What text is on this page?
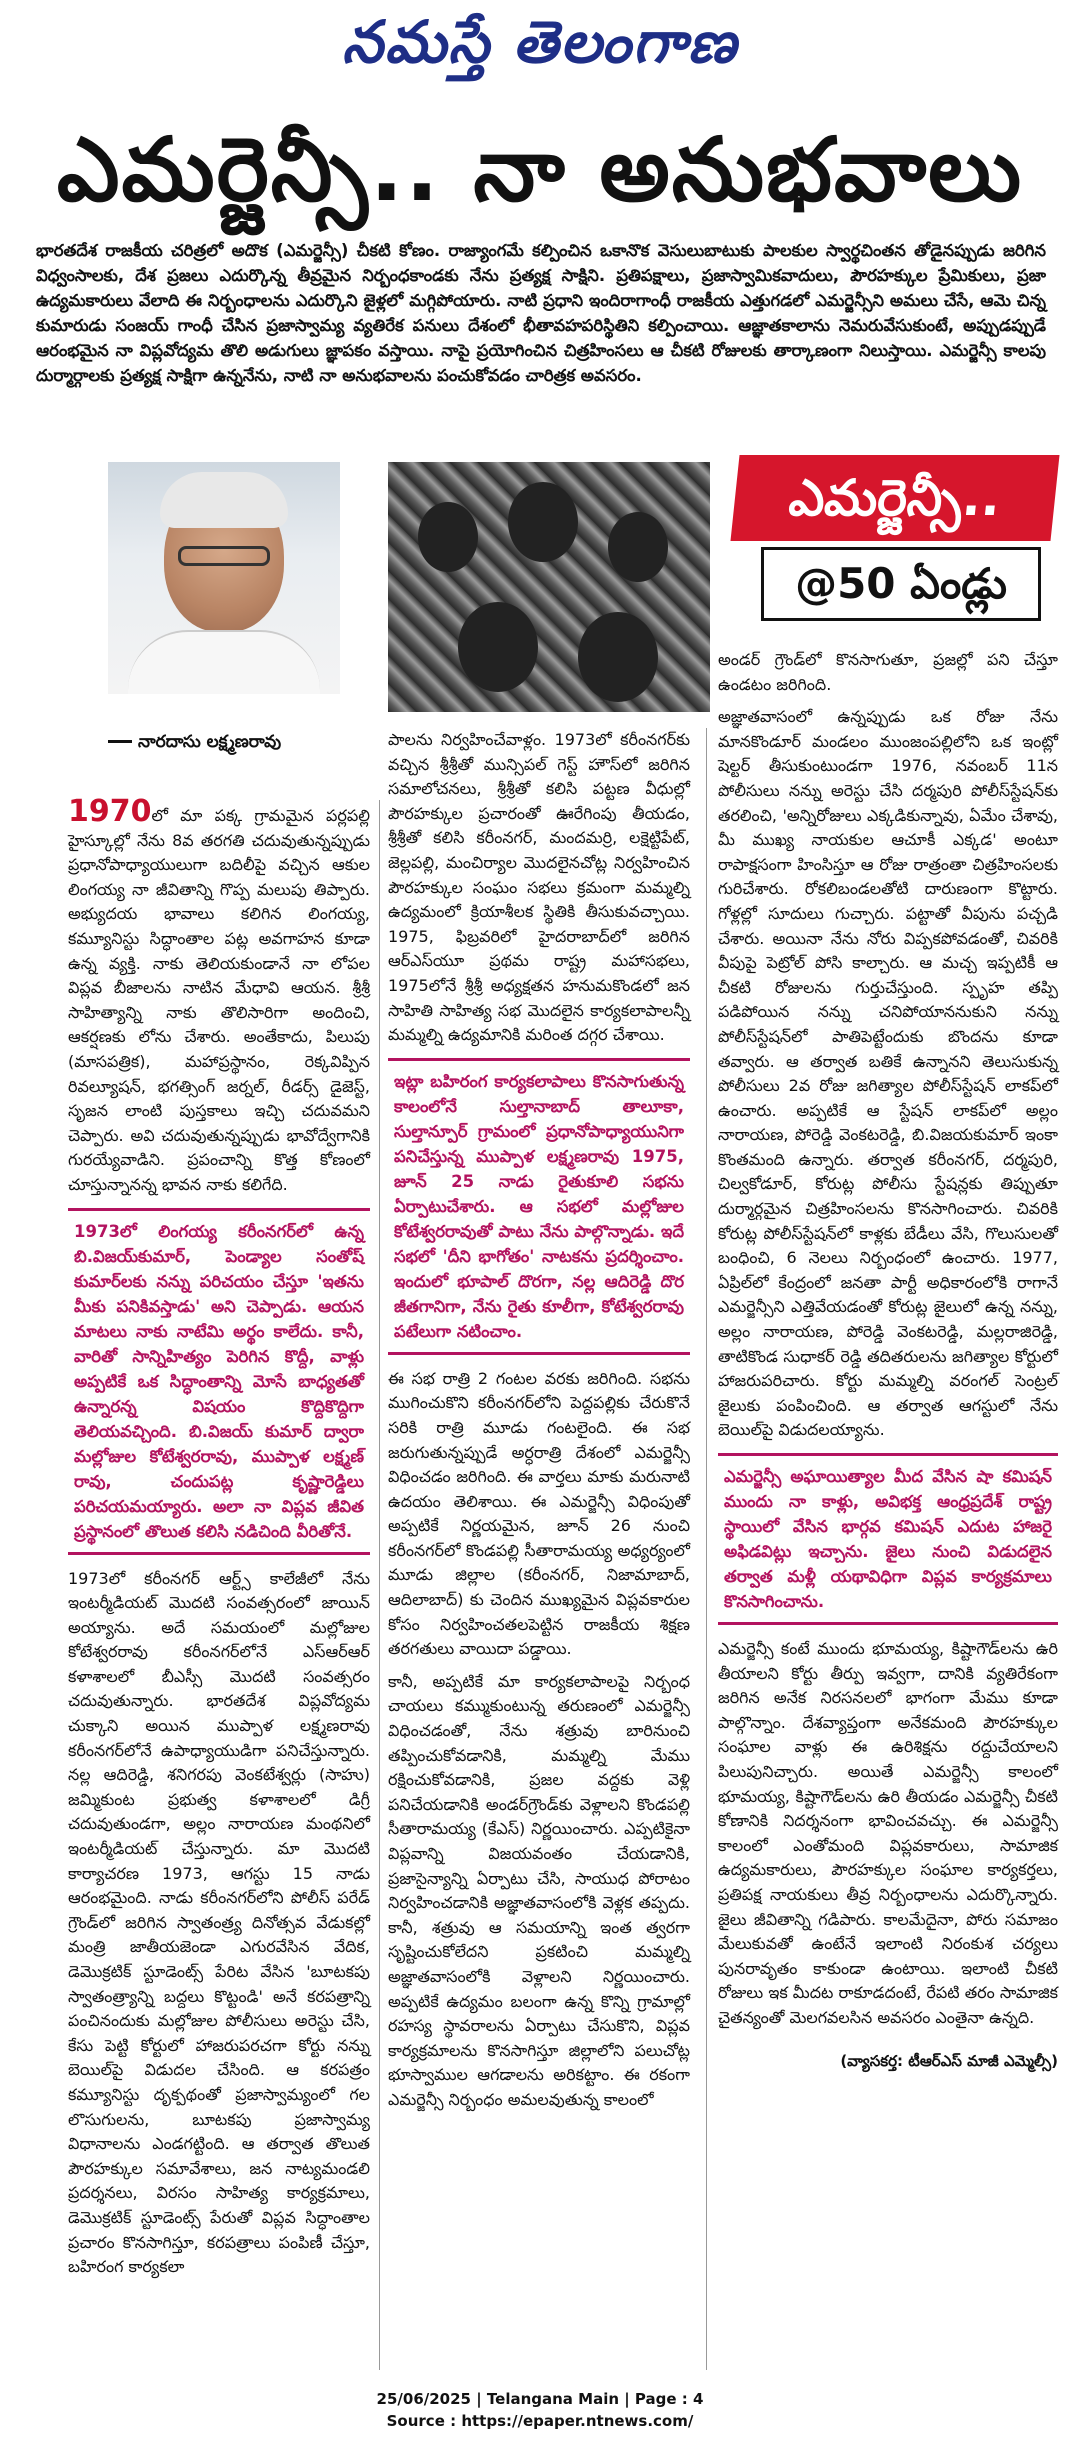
నమస్తే తెలంగాణ
ఎమర్జెన్సీ.. నా అనుభవాలు

భారతదేశ రాజకీయ చరిత్రలో అదొక (ఎమర్జెన్సీ) చీకటి కోణం. రాజ్యాంగమే కల్పించిన ఒకానొక వెసులుబాటుకు పాలకుల స్వార్థచింతన తోడైనప్పుడు జరిగిన విధ్వంసాలకు, దేశ ప్రజలు ఎదుర్కొన్న తీవ్రమైన నిర్బంధకాండకు నేను ప్రత్యక్ష సాక్షిని. ప్రతిపక్షాలు, ప్రజాస్వామికవాదులు, పౌరహక్కుల ప్రేమికులు, ప్రజా ఉద్యమకారులు వేలాది ఈ నిర్బంధాలను ఎదుర్కొని జైళ్లలో మగ్గిపోయారు. నాటి ప్రధాని ఇందిరాగాంధీ రాజకీయ ఎత్తుగడలో ఎమర్జెన్సీని అమలు చేసే, ఆమె చిన్న కుమారుడు సంజయ్ గాంధీ చేసిన ప్రజాస్వామ్య వ్యతిరేక పనులు దేశంలో భీతావహపరిస్థితిని కల్పించాయి. ఆజ్ఞాతకాలాను నెమరువేసుకుంటే, అప్పుడప్పుడే ఆరంభమైన నా విప్లవోద్యమ తొలి అడుగులు జ్ఞాపకం వస్తాయి. నాపై ప్రయోగించిన చిత్రహింసలు ఆ చీకటి రోజులకు తార్కాణంగా నిలుస్తాయి. ఎమర్జెన్సీ కాలపు దుర్మార్గాలకు ప్రత్యక్ష సాక్షిగా ఉన్ననేను, నాటి నా అనుభవాలను పంచుకోవడం చారిత్రక అవసరం.

నారదాసు లక్ష్మణరావు
ఎమర్జెన్సీ..
@50 ఏండ్లు

1970లో మా పక్క గ్రామమైన పర్లపల్లి హైస్కూల్లో నేను 8వ తరగతి చదువుతున్నప్పుడు ప్రధానోపాధ్యాయులుగా బదిలీపై వచ్చిన ఆకుల లింగయ్య నా జీవితాన్ని గొప్ప మలుపు తిప్పారు. అభ్యుదయ భావాలు కలిగిన లింగయ్య, కమ్యూనిస్టు సిద్ధాంతాల పట్ల అవగాహన కూడా ఉన్న వ్యక్తి. నాకు తెలియకుండానే నా లోపల విప్లవ బీజాలను నాటిన మేధావి ఆయన. శ్రీశ్రీ సాహిత్యాన్ని నాకు తొలిసారిగా అందించి, ఆకర్షణకు లోను చేశారు. అంతేకాదు, పిలుపు (మాసపత్రిక), మహాప్రస్థానం, రెక్కవిప్పిన రివల్యూషన్, భగత్సింగ్ జర్నల్, రీడర్స్ డైజెస్ట్, సృజన లాంటి పుస్తకాలు ఇచ్చి చదువమని చెప్పారు. అవి చదువుతున్నప్పుడు భావోద్వేగానికి గురయ్యేవాడిని. ప్రపంచాన్ని కొత్త కోణంలో చూస్తున్నానన్న భావన నాకు కలిగేది.

1973లో లింగయ్య కరీంనగర్‌లో ఉన్న బి.విజయ్‌కుమార్, పెండ్యాల సంతోష్ కుమార్‌లకు నన్ను పరిచయం చేస్తూ 'ఇతను మీకు పనికివస్తాడు' అని చెప్పాడు. ఆయన మాటలు నాకు నాటేమి అర్థం కాలేదు. కానీ, వారితో సాన్నిహిత్యం పెరిగిన కొద్దీ, వాళ్లు అప్పటికే ఒక సిద్ధాంతాన్ని మోసే బాధ్యతతో ఉన్నారన్న విషయం కొద్దికొద్దిగా తెలియవచ్చింది. బి.విజయ్ కుమార్ ద్వారా మల్లోజుల కోటేశ్వరరావు, ముప్పాళ లక్ష్మణ్ రావు, చందుపట్ల కృష్ణారెడ్డిలు పరిచయమయ్యారు. అలా నా విప్లవ జీవిత ప్రస్థానంలో తొలుత కలిసి నడిచింది వీరితోనే.

1973లో కరీంనగర్ ఆర్ట్స్ కాలేజీలో నేను ఇంటర్మీడియట్ మొదటి సంవత్సరంలో జాయిన్ అయ్యాను. అదే సమయంలో మల్లోజుల కోటేశ్వరరావు కరీంనగర్‌లోనే ఎస్ఆర్ఆర్ కళాశాలలో బీఎస్సీ మొదటి సంవత్సరం చదువుతున్నారు. భారతదేశ విప్లవోద్యమ చుక్కాని అయిన ముప్పాళ లక్ష్మణరావు కరీంనగర్‌లోనే ఉపాధ్యాయుడిగా పనిచేస్తున్నారు. నల్ల ఆదిరెడ్డి, శనిగరపు వెంకటేశ్వర్లు (సాహు) జమ్మికుంట ప్రభుత్వ కళాశాలలో డిగ్రీ చదువుతుండగా, అల్లం నారాయణ మంథనిలో ఇంటర్మీడియట్ చేస్తున్నారు. మా మొదటి కార్యాచరణ 1973, ఆగస్టు 15 నాడు ఆరంభమైంది. నాడు కరీంనగర్‌లోని పోలీస్ పరేడ్ గ్రౌండ్‌లో జరిగిన స్వాతంత్ర్య దినోత్సవ వేడుకల్లో మంత్రి జాతీయజెండా ఎగురవేసిన వేదిక, డెమొక్రటిక్ స్టూడెంట్స్ పేరిట వేసిన 'బూటకపు స్వాతంత్ర్యాన్ని బద్దలు కొట్టండి' అనే కరపత్రాన్ని పంచినందుకు మల్లోజుల పోలీసులు అరెస్టు చేసి, కేసు పెట్టి కోర్టులో హాజరుపరచగా కోర్టు నన్ను బెయిల్‌పై విడుదల చేసింది. ఆ కరపత్రం కమ్యూనిస్టు దృక్పథంతో ప్రజాస్వామ్యంలో గల లొసుగులను, బూటకపు ప్రజాస్వామ్య విధానాలను ఎండగట్టింది. ఆ తర్వాత తొలుత పౌరహక్కుల సమావేశాలు, జన నాట్యమండలి ప్రదర్శనలు, విరసం సాహిత్య కార్యక్రమాలు, డెమొక్రటిక్ స్టూడెంట్స్ పేరుతో విప్లవ సిద్ధాంతాల ప్రచారం కొనసాగిస్తూ, కరపత్రాలు పంపిణీ చేస్తూ, బహిరంగ కార్యకలా

పాలను నిర్వహించేవాళ్లం. 1973లో కరీంనగర్‌కు వచ్చిన శ్రీశ్రీతో మున్సిపల్ గెస్ట్ హౌస్‌లో జరిగిన సమాలోచనలు, శ్రీశ్రీతో కలిసి పట్టణ వీధుల్లో పౌరహక్కుల ప్రచారంతో ఊరేగింపు తీయడం, శ్రీశ్రీతో కలిసి కరీంనగర్, మందమర్రి, లక్షెట్టిపేట్, జెల్లపల్లి, మంచిర్యాల మొదలైనచోట్ల నిర్వహించిన పౌరహక్కుల సంఘం సభలు క్రమంగా మమ్మల్ని ఉద్యమంలో క్రియాశీలక స్థితికి తీసుకువచ్చాయి. 1975, ఫిబ్రవరిలో హైదరాబాద్‌లో జరిగిన ఆర్ఎస్‌యూ ప్రథమ రాష్ట్ర మహాసభలు, 1975లోనే శ్రీశ్రీ అధ్యక్షతన హనుమకొండలో జన సాహితి సాహిత్య సభ మొదలైన కార్యకలాపాలన్నీ మమ్మల్ని ఉద్యమానికి మరింత దగ్గర చేశాయి.

ఇట్లా బహిరంగ కార్యకలాపాలు కొనసాగుతున్న కాలంలోనే సుల్తానాబాద్ తాలూకా, సుల్తాన్పూర్ గ్రామంలో ప్రధానోపాధ్యాయునిగా పనిచేస్తున్న ముప్పాళ లక్ష్మణరావు 1975, జూన్ 25 నాడు రైతుకూలి సభను ఏర్పాటుచేశారు. ఆ సభలో మల్లోజుల కోటేశ్వరరావుతో పాటు నేను పాల్గొన్నాడు. ఇదే సభలో 'దీని భాగోతం' నాటకను ప్రదర్శించాం. ఇందులో భూపాల్ దొరగా, నల్ల ఆదిరెడ్డి దొర జీతగానిగా, నేను రైతు కూలీగా, కోటేశ్వరరావు పటేలుగా నటించాం.

ఈ సభ రాత్రి 2 గంటల వరకు జరిగింది. సభను ముగించుకొని కరీంనగర్‌లోని పెద్దపల్లికు చేరుకొనే సరికి రాత్రి మూడు గంటలైంది. ఈ సభ జరుగుతున్నప్పుడే అర్ధరాత్రి దేశంలో ఎమర్జెన్సీ విధించడం జరిగింది. ఈ వార్తలు మాకు మరునాటి ఉదయం తెలిశాయి. ఈ ఎమర్జెన్సీ విధింపుతో అప్పటికే నిర్ణయమైన, జూన్ 26 నుంచి కరీంనగర్‌లో కొండపల్లి సీతారామయ్య అధ్యర్యంలో మూడు జిల్లాల (కరీంనగర్, నిజామాబాద్, ఆదిలాబాద్) కు చెందిన ముఖ్యమైన విప్లవకారుల కోసం నిర్వహించతలపెట్టిన రాజకీయ శిక్షణ తరగతులు వాయిదా పడ్డాయి.

కానీ, అప్పటికే మా కార్యకలాపాలపై నిర్బంధ చాయలు కమ్ముకుంటున్న తరుణంలో ఎమర్జెన్సీ విధించడంతో, నేను శత్రువు బారినుంచి తప్పించుకోవడానికి, మమ్మల్ని మేము రక్షించుకోవడానికి, ప్రజల వద్దకు వెళ్లి పనిచేయడానికి అండర్‌గ్రౌండ్‌కు వెళ్లాలని కొండపల్లి సీతారామయ్య (కేఎస్) నిర్ణయించారు. ఎప్పటికైనా విప్లవాన్ని విజయవంతం చేయడానికి, ప్రజాసైన్యాన్ని ఏర్పాటు చేసి, సాయుధ పోరాటం నిర్వహించడానికి అజ్ఞాతవాసంలోకి వెళ్లక తప్పదు. కానీ, శత్రువు ఆ సమయాన్ని ఇంత త్వరగా సృష్టించుకోలేదని ప్రకటించి మమ్మల్ని అజ్ఞాతవాసంలోకి వెళ్లాలని నిర్ణయించారు. అప్పటికే ఉద్యమం బలంగా ఉన్న కొన్ని గ్రామాల్లో రహస్య స్థావరాలను ఏర్పాటు చేసుకొని, విప్లవ కార్యక్రమాలను కొనసాగిస్తూ జిల్లాలోని పలుచోట్ల భూస్వాముల ఆగడాలను అరికట్టాం. ఈ రకంగా ఎమర్జెన్సీ నిర్బంధం అమలవుతున్న కాలంలో

అండర్ గ్రౌండ్‌లో కొనసాగుతూ, ప్రజల్లో పని చేస్తూ ఉండటం జరిగింది.

అజ్ఞాతవాసంలో ఉన్నప్పుడు ఒక రోజు నేను మానకొండూర్ మండలం ముంజంపల్లిలోని ఒక ఇంట్లో షెల్టర్ తీసుకుంటుండగా 1976, నవంబర్ 11న పోలీసులు నన్ను అరెస్టు చేసి దర్మపురి పోలీస్‌స్టేషన్‌కు తరలించి, 'అన్నిరోజులు ఎక్కడికున్నావు, ఏమేం చేశావు, మీ ముఖ్య నాయకుల ఆచూకీ ఎక్కడ' అంటూ రాపాక్షసంగా హింసిస్తూ ఆ రోజు రాత్రంతా చిత్రహింసలకు గురిచేశారు. రోకలిబండలతోటి దారుణంగా కొట్టారు. గోళ్లల్లో సూదులు గుచ్చారు. పట్టాతో వీపును పచ్చడి చేశారు. అయినా నేను నోరు విప్పకపోవడంతో, చివరికి వీపుపై పెట్రోల్ పోసి కాల్చారు. ఆ మచ్చ ఇప్పటికీ ఆ చీకటి రోజులను గుర్తుచేస్తుంది. స్పృహ తప్పి పడిపోయిన నన్ను చనిపోయాననుకుని నన్ను పోలీస్‌స్టేషన్‌లో పాతిపెట్టేందుకు బొందను కూడా తవ్వారు. ఆ తర్వాత బతికే ఉన్నానని తెలుసుకున్న పోలీసులు 2వ రోజు జగిత్యాల పోలీస్‌స్టేషన్ లాకప్‌లో ఉంచారు. అప్పటికే ఆ స్టేషన్ లాకప్‌లో అల్లం నారాయణ, పోరెడ్డి వెంకటరెడ్డి, బి.విజయకుమార్ ఇంకా కొంతమంది ఉన్నారు. తర్వాత కరీంనగర్, దర్మపురి, చిల్వకోడూర్, కోరుట్ల పోలీసు స్టేషన్లకు తిప్పుతూ దుర్మార్గమైన చిత్రహింసలను కొనసాగించారు. చివరికి కోరుట్ల పోలీస్‌స్టేషన్‌లో కాళ్లకు బేడీలు వేసి, గొలుసులతో బంధించి, 6 నెలలు నిర్బంధంలో ఉంచారు. 1977, ఏప్రిల్‌లో కేంద్రంలో జనతా పార్టీ అధికారంలోకి రాగానే ఎమర్జెన్సీని ఎత్తివేయడంతో కోరుట్ల జైలులో ఉన్న నన్ను, అల్లం నారాయణ, పోరెడ్డి వెంకటరెడ్డి, మల్లరాజిరెడ్డి, తాటికొండ సుధాకర్ రెడ్డి తదితరులను జగిత్యాల కోర్టులో హాజరుపరిచారు. కోర్టు మమ్మల్ని వరంగల్ సెంట్రల్ జైలుకు పంపించింది. ఆ తర్వాత ఆగస్టులో నేను బెయిల్‌పై విడుదలయ్యాను.

ఎమర్జెన్సీ అఘాయిత్యాల మీద వేసిన షా కమిషన్ ముందు నా కాళ్లు, అవిభక్త ఆంధ్రప్రదేశ్ రాష్ట్ర స్థాయిలో వేసిన భార్గవ కమిషన్ ఎదుట హాజరై అఫిడవిట్లు ఇచ్చాను. జైలు నుంచి విడుదలైన తర్వాత మళ్లీ యథావిధిగా విప్లవ కార్యక్రమాలు కొనసాగించాను.

ఎమర్జెన్సీ కంటే ముందు భూమయ్య, కిష్టాగౌడ్‌లను ఉరి తీయాలని కోర్టు తీర్పు ఇవ్వగా, దానికి వ్యతిరేకంగా జరిగిన అనేక నిరసనలలో భాగంగా మేము కూడా పాల్గొన్నాం. దేశవ్యాప్తంగా అనేకమంది పౌరహక్కుల సంఘాల వాళ్లు ఈ ఉరిశిక్షను రద్దుచేయాలని పిలుపునిచ్చారు. అయితే ఎమర్జెన్సీ కాలంలో భూమయ్య, కిష్టాగౌడ్‌లను ఉరి తీయడం ఎమర్జెన్సీ చీకటి కోణానికి నిదర్శనంగా భావించవచ్చు. ఈ ఎమర్జెన్సీ కాలంలో ఎంతోమంది విప్లవకారులు, సామాజిక ఉద్యమకారులు, పౌరహక్కుల సంఘాల కార్యకర్తలు, ప్రతిపక్ష నాయకులు తీవ్ర నిర్బంధాలను ఎదుర్కొన్నారు. జైలు జీవితాన్ని గడిపారు. కాలమేదైనా, పోరు సమాజం మేలుకువతో ఉంటేనే ఇలాంటి నిరంకుశ చర్యలు పునరావృతం కాకుండా ఉంటాయి. ఇలాంటి చీకటి రోజులు ఇక మీదట రాకూడదంటే, రేపటి తరం సామాజిక చైతన్యంతో మెలగవలసిన అవసరం ఎంతైనా ఉన్నది.

(వ్యాసకర్త: టీఆర్ఎస్ మాజీ ఎమ్మెల్సీ)
25/06/2025 | Telangana Main | Page : 4
Source : https://epaper.ntnews.com/
